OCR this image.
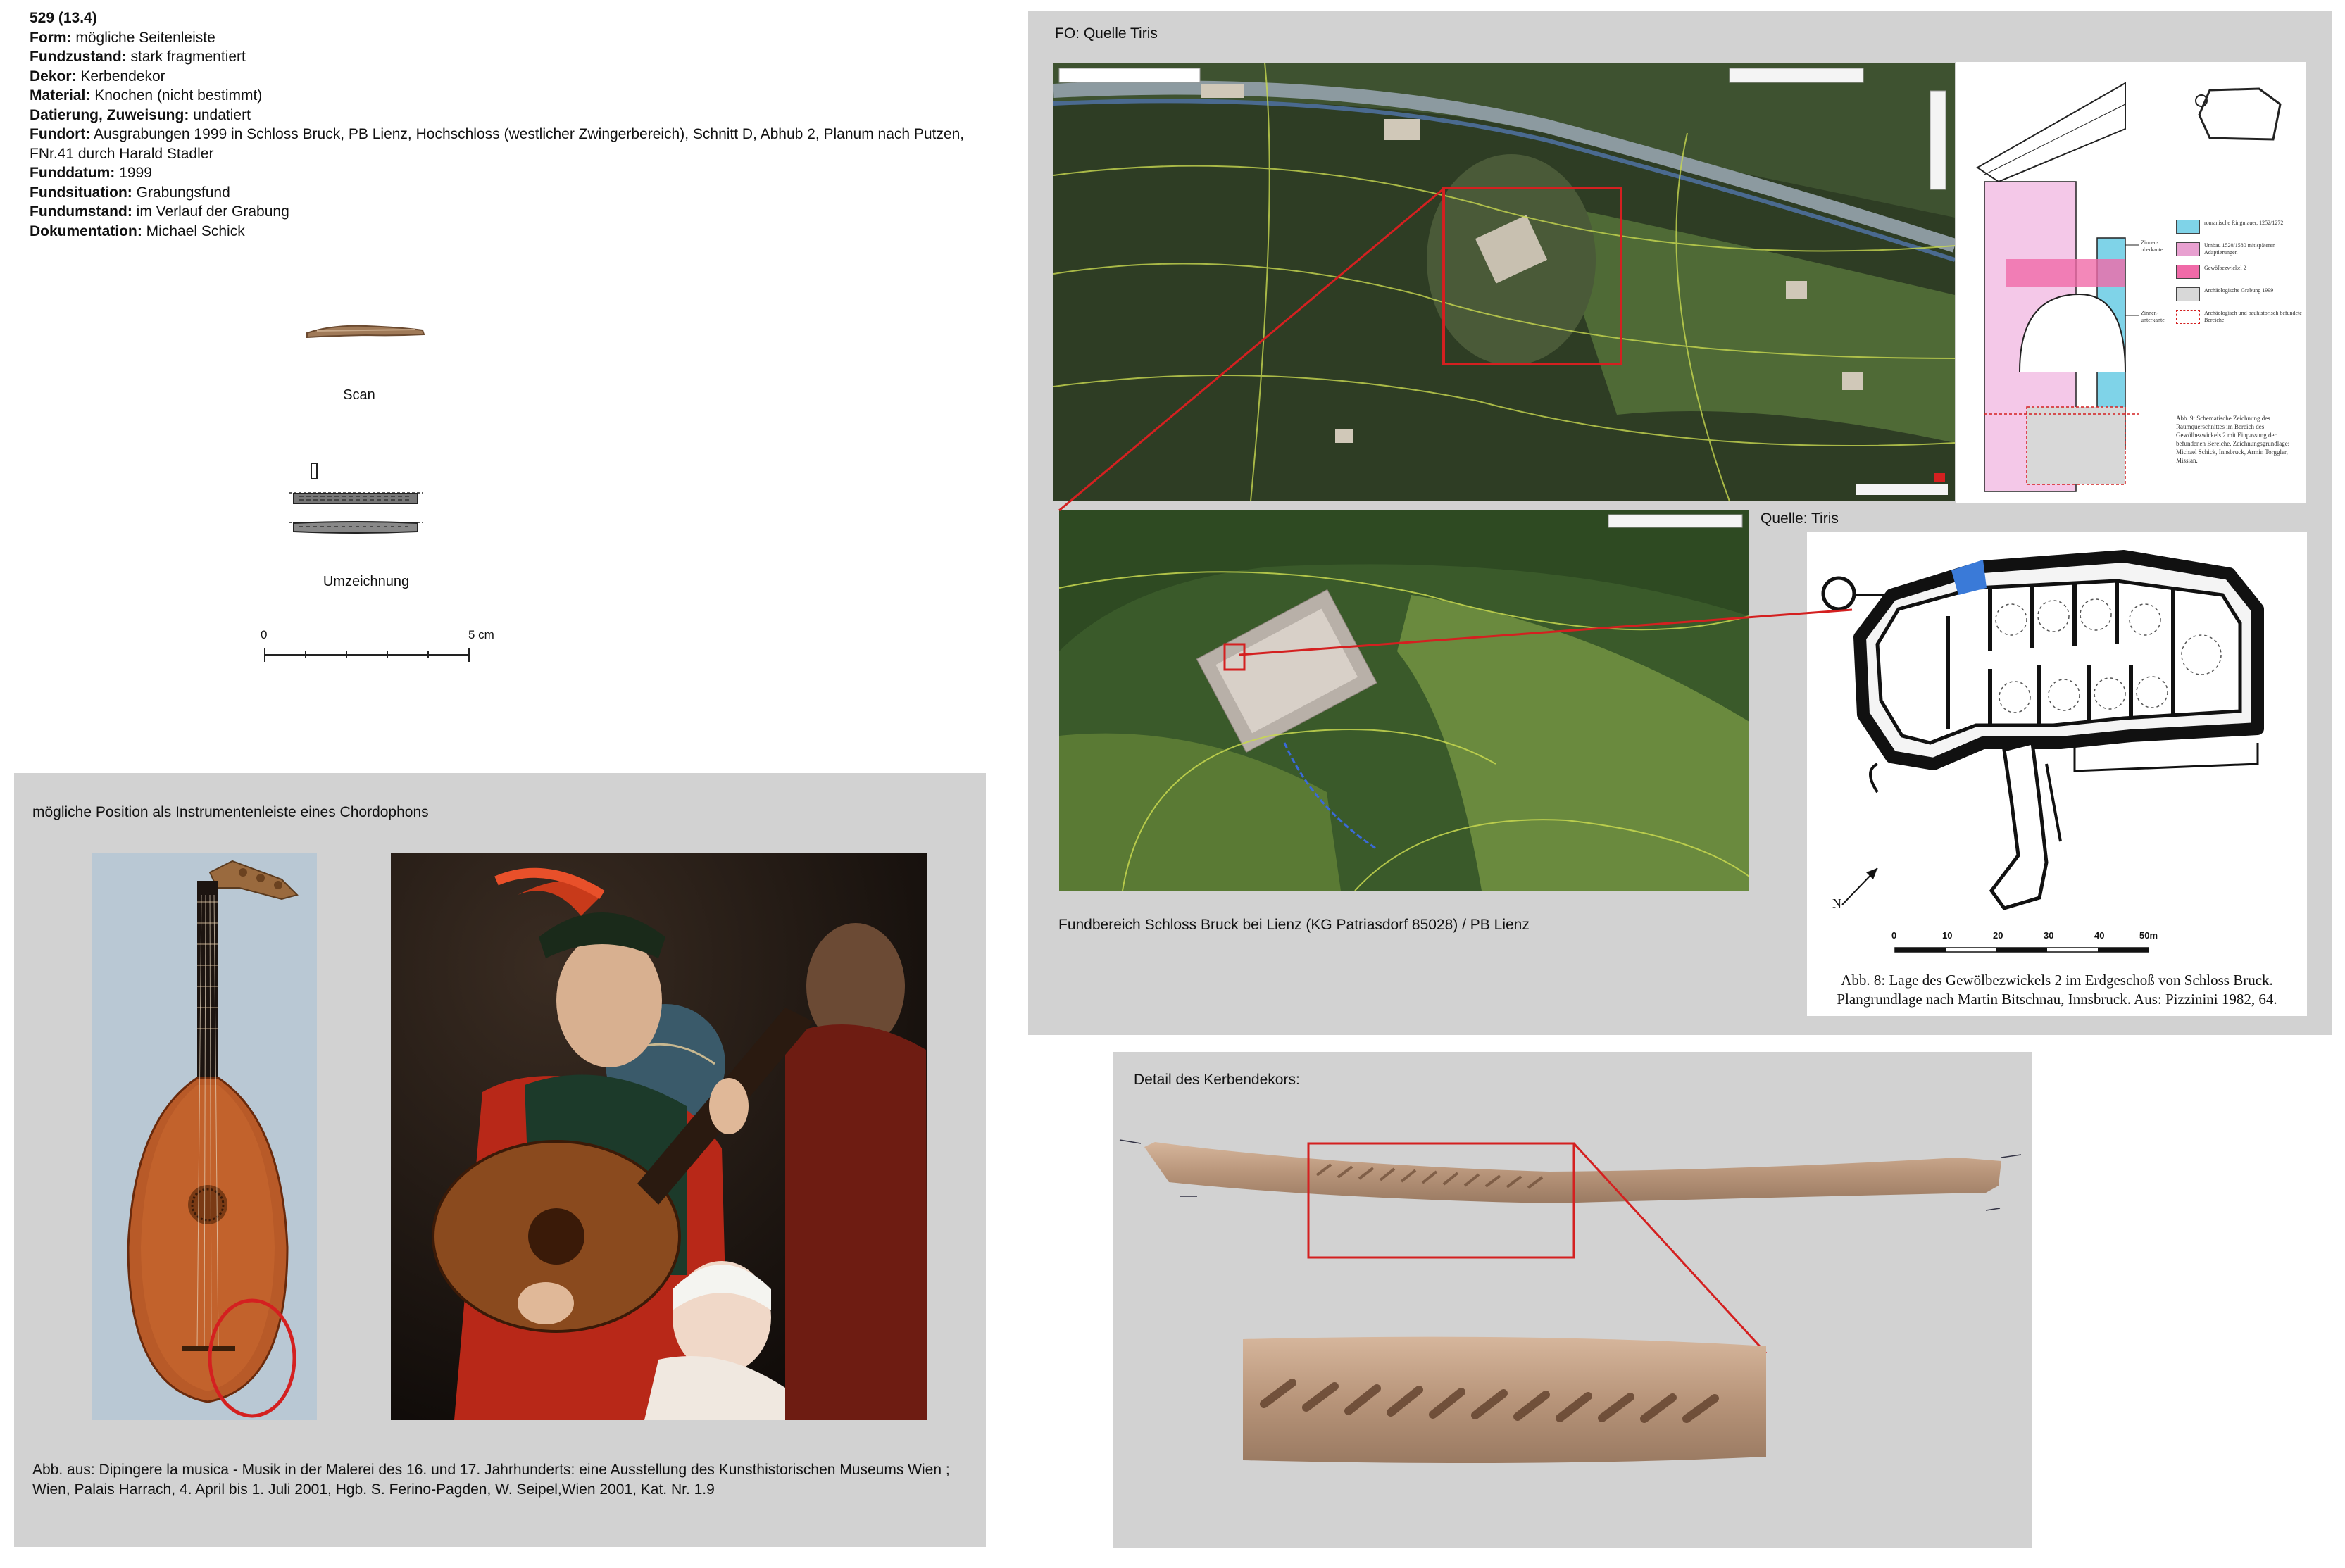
529 (13.4)
Form: mögliche Seitenleiste
Fundzustand: stark fragmentiert
Dekor: Kerbendekor
Material: Knochen (nicht bestimmt)
Datierung, Zuweisung: undatiert
Fundort: Ausgrabungen 1999 in Schloss Bruck, PB Lienz, Hochschloss (westlicher Zwingerbereich), Schnitt D, Abhub 2, Planum nach Putzen, FNr.41 durch Harald Stadler
Funddatum: 1999
Fundsituation: Grabungsfund
Fundumstand: im Verlauf der Grabung
Dokumentation: Michael Schick
Scan
Umzeichnung
0	5 cm
mögliche Position als Instrumentenleiste eines Chordophons
Abb. aus: Dipingere la musica - Musik in der Malerei des 16. und 17. Jahrhunderts: eine Ausstellung des Kunsthistorischen Museums Wien ; Wien, Palais Harrach, 4. April bis 1. Juli 2001, Hgb. S. Ferino-Pagden, W. Seipel,Wien 2001, Kat. Nr. 1.9
FO: Quelle Tiris
Fundbereich Schloss Bruck bei Lienz (KG Patriasdorf 85028) / PB Lienz
Quelle: Tiris
Zinnen-oberkante
Zinnen-unterkante
romanische Ringmauer, 1252/1272
Umbau 1520/1580 mit späteren Adaptierungen
Gewölbezwickel 2
Archäologische Grabung 1999
Archäologisch und bauhistorisch befundete Bereiche
Abb. 9: Schematische Zeichnung des Raumquerschnittes im Bereich des Gewölbezwickels 2 mit Einpassung der befundenen Bereiche. Zeichnungsgrundlage: Michael Schick, Innsbruck, Armin Torggler, Missian.
N
0	10	20	30	40	50m
Abb. 8: Lage des Gewölbezwickels 2 im Erdgeschoß von Schloss Bruck. Plangrundlage nach Martin Bitschnau, Innsbruck. Aus: Pizzinini 1982, 64.
Detail des Kerbendekors:
